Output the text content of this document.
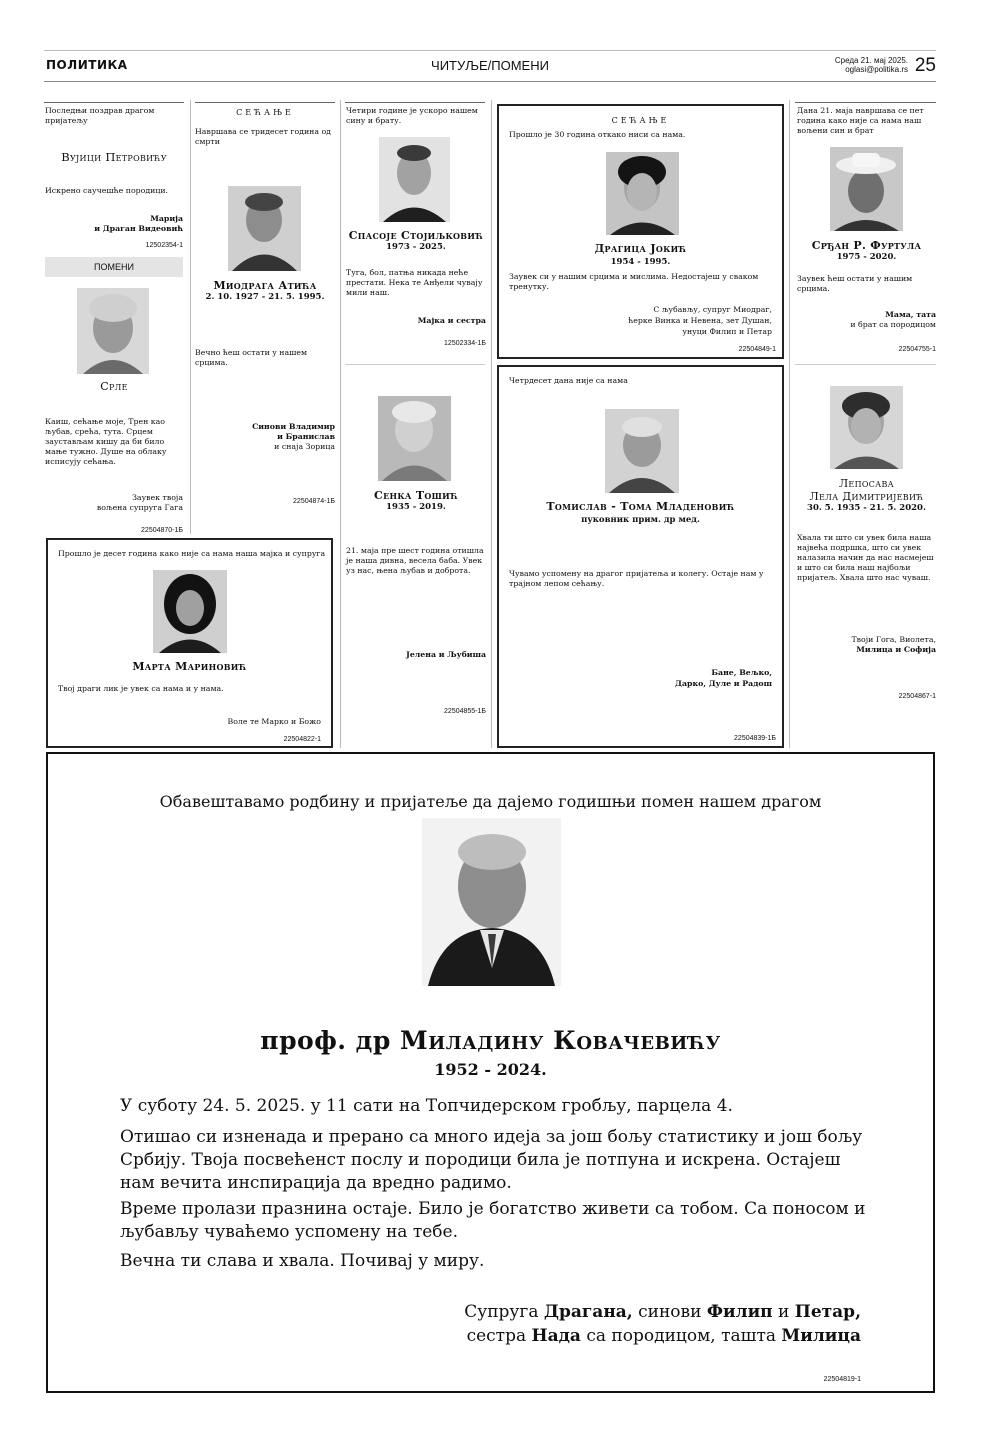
ПОЛИТИКА	ЧИТУЉЕ/ПОМЕНИ	Среда 21. мај 2025.
oglasi@politika.rs 25
Последњи поздрав драгом пријатељу
Вујици Петровићу
Искрено саучешће породици.
Марија
и Драган Видеовић
12502354-1
ПОМЕНИ
Срле
Каиш, сећање моје, Трен као љубав, срећа, тута. Срцем заустављам кишу да би било мање тужно. Душе на облаку исписују сећања.
Заувек твоја
вољена супруга Гага
22504870-1Б
СЕЋАЊЕ
Навршава се тридесет година од смрти
Миодрага Атића
2. 10. 1927 - 21. 5. 1995.
Вечно ћеш остати у нашем срцима.
Синови Владимир
и Бранислав
и снаја Зорица
22504874-1Б
Четири године је ускоро нашем сину и брату.
Спасоје Стојиљковић
1973 - 2025.
Туга, бол, патња никада неће престати. Нека те Анђели чувају мили наш.
Мајка и сестра
12502334-1Б
Сенка Тошић
1935 - 2019.
21. маја пре шест година отишла је наша дивна, весела баба. Увек уз нас, њена љубав и доброта.
Јелена и Љубиша
22504855-1Б
СЕЋАЊЕ
Прошло је 30 година откако ниси са нама.
Драгица Јокић
1954 - 1995.
Заувек си у нашим срцима и мислима. Недостајеш у сваком тренутку.
С љубављу, супруг Миодраг,
ћерке Винка и Невена, зет Душан,
унуци Филип и Петар
22504849-1
Четрдесет дана није са нама
Томислав - Тома Младеновић
пуковник прим. др мед.
Чувамо успомену на драгог пријатеља и колегу. Остаје нам у трајном лепом сећању.
Бане, Вељко,
Дарко, Дуле и Радош
22504839-1Б
Дана 21. маја навршава се пет година како није са нама наш вољени син и брат
Срђан Р. Фуртула
1975 - 2020.
Заувек ћеш остати у нашим срцима.
Мама, тата
и брат са породицом
22504755-1
Лепосава
Лела Димитријевић
30. 5. 1935 - 21. 5. 2020.
Хвала ти што си увек била наша највећа подршка, што си увек налазила начин да нас насмејеш и што си била наш најбољи пријатељ. Хвала што нас чуваш.
Твоји Гога, Виолета,
Милица и Софија
22504867-1
Прошло је десет година како није са нама наша мајка и супруга
Марта Мариновић
Твој драги лик је увек са нама и у нама.
Воле те Марко и Божо
22504822-1
Обавештавамо родбину и пријатеље да дајемо годишњи помен нашем драгом
проф. др Миладину Ковачевићу
1952 - 2024.
У суботу 24. 5. 2025. у 11 сати на Топчидерском гробљу, парцела 4.
Отишао си изненада и прерано са много идеја за још бољу статистику и још бољу Србију. Твоја посвећенст послу и породици била је потпуна и искрена. Остајеш нам вечита инспирација да вредно радимо.
Време пролази празнина остаје. Било је богатство живети са тобом. Са поносом и љубављу чуваћемо успомену на тебе.
Вечна ти слава и хвала. Почивај у миру.
Супруга Драгана, синови Филип и Петар,
сестра Нада са породицом, ташта Милица
22504819-1
